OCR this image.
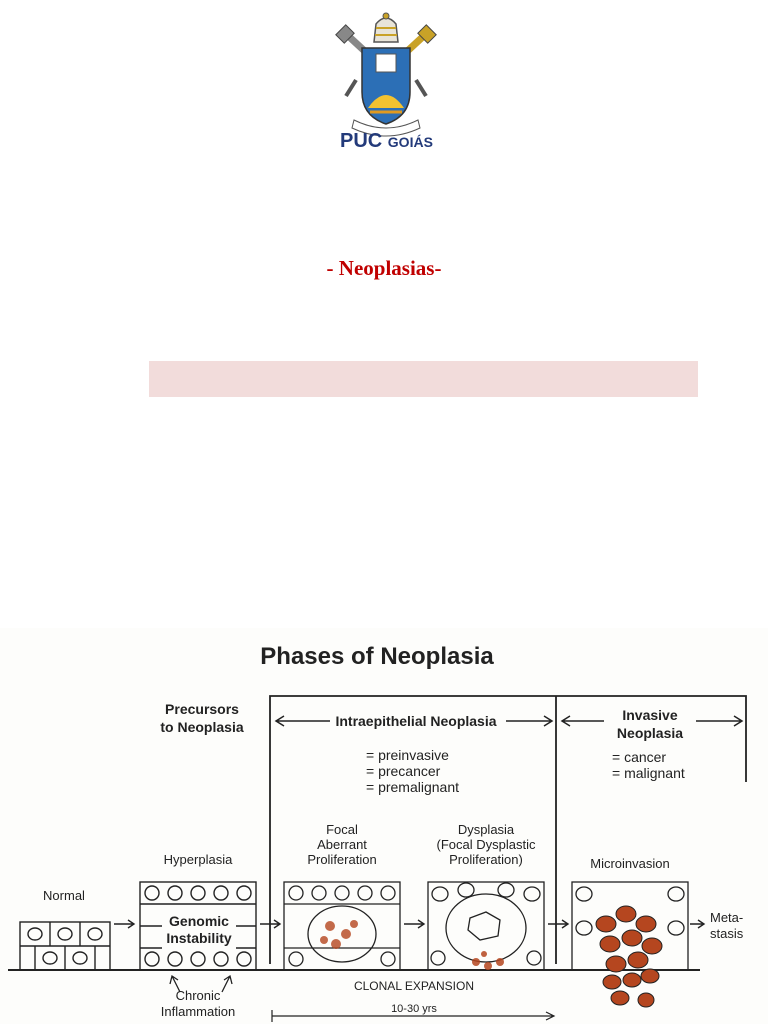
PUC GOIÁS
- Neoplasias-
Phases of Neoplasia
Precursors
to Neoplasia	Intraepithelial Neoplasia
= preinvasive
= precancer
= premalignant
Invasive
Neoplasia
= cancer
= malignant
Focal
Aberrant
Proliferation
Dysplasia
(Focal Dysplastic
Proliferation)
Hyperplasia	Microinvasion
Normal
Genomic
Instability
Meta-
stasis
Chronic
Inflammation
CLONAL EXPANSION
10-30 yrs
